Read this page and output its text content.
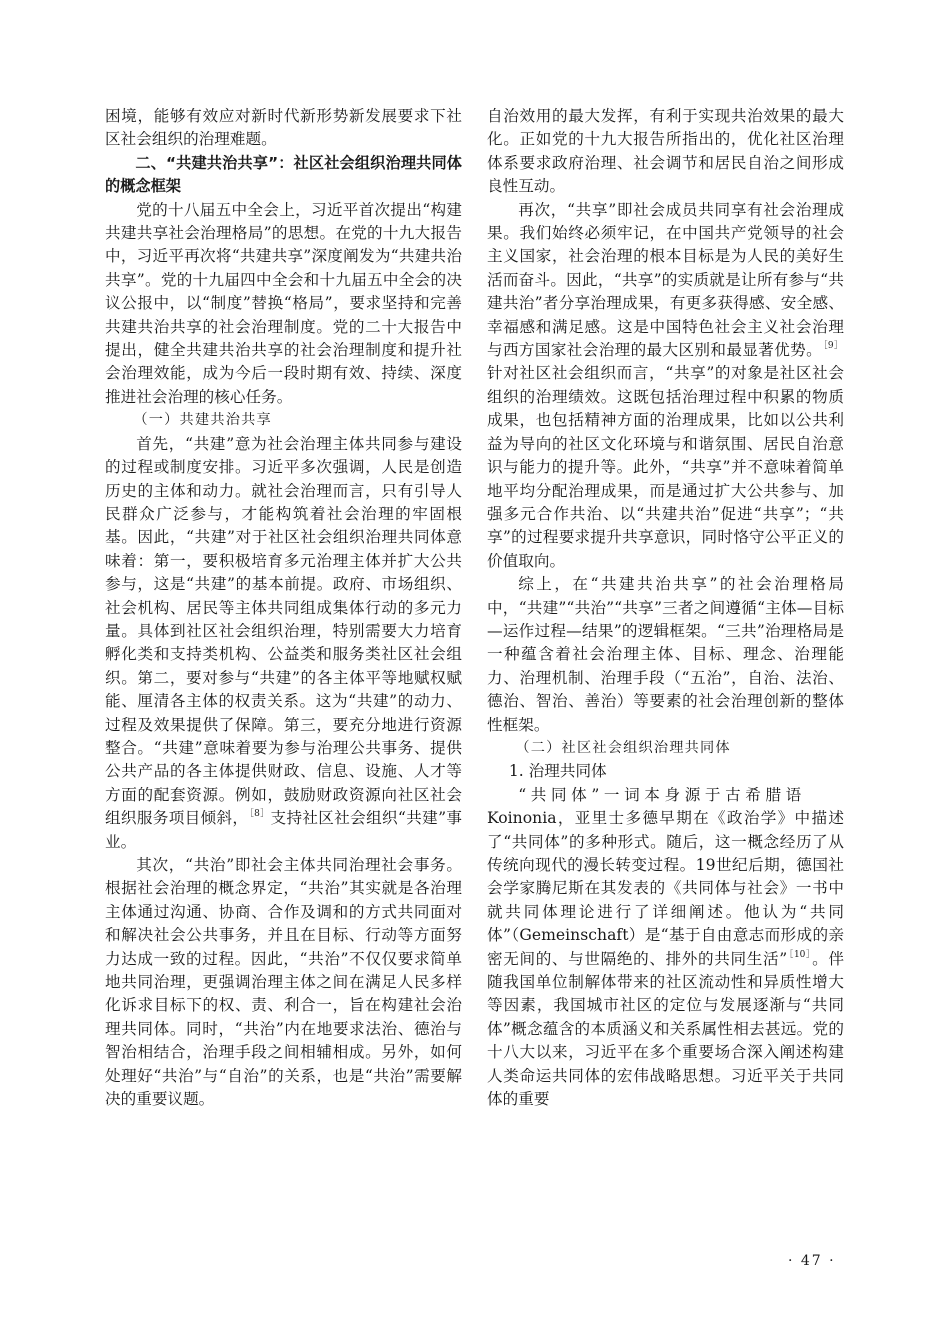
困境，能够有效应对新时代新形势新发展要求下社区社会组织的治理难题。

二、“共建共治共享”：社区社会组织治理共同体的概念框架

党的十八届五中全会上，习近平首次提出“构建共建共享社会治理格局”的思想。在党的十九大报告中，习近平再次将“共建共享”深度阐发为“共建共治共享”。党的十九届四中全会和十九届五中全会的决议公报中，以“制度”替换“格局”，要求坚持和完善共建共治共享的社会治理制度。党的二十大报告中提出，健全共建共治共享的社会治理制度和提升社会治理效能，成为今后一段时期有效、持续、深度推进社会治理的核心任务。

（一）共建共治共享

首先，“共建”意为社会治理主体共同参与建设的过程或制度安排。习近平多次强调，人民是创造历史的主体和动力。就社会治理而言，只有引导人民群众广泛参与，才能构筑着社会治理的牢固根基。因此，“共建”对于社区社会组织治理共同体意味着：第一，要积极培育多元治理主体并扩大公共参与，这是“共建”的基本前提。政府、市场组织、社会机构、居民等主体共同组成集体行动的多元力量。具体到社区社会组织治理，特别需要大力培育孵化类和支持类机构、公益类和服务类社区社会组织。第二，要对参与“共建”的各主体平等地赋权赋能、厘清各主体的权责关系。这为“共建”的动力、过程及效果提供了保障。第三，要充分地进行资源整合。“共建”意味着要为参与治理公共事务、提供公共产品的各主体提供财政、信息、设施、人才等方面的配套资源。例如，鼓励财政资源向社区社会组织服务项目倾斜，$^{[8]}$支持社区社会组织“共建”事业。

其次，“共治”即社会主体共同治理社会事务。根据社会治理的概念界定，“共治”其实就是各治理主体通过沟通、协商、合作及调和的方式共同面对和解决社会公共事务，并且在目标、行动等方面努力达成一致的过程。因此，“共治”不仅仅要求简单地共同治理，更强调治理主体之间在满足人民多样化诉求目标下的权、责、利合一，旨在构建社会治理共同体。同时，“共治”内在地要求法治、德治与智治相结合，治理手段之间相辅相成。另外，如何处理好“共治”与“自治”的关系，也是“共治”需要解决的重要议题。

自治效用的最大发挥，有利于实现共治效果的最大化。正如党的十九大报告所指出的，优化社区治理体系要求政府治理、社会调节和居民自治之间形成良性互动。

再次，“共享”即社会成员共同享有社会治理成果。我们始终必须牢记，在中国共产党领导的社会主义国家，社会治理的根本目标是为人民的美好生活而奋斗。因此，“共享”的实质就是让所有参与“共建共治”者分享治理成果，有更多获得感、安全感、幸福感和满足感。这是中国特色社会主义社会治理与西方国家社会治理的最大区别和最显著优势。$^{[9]}$针对社区社会组织而言，“共享”的对象是社区社会组织的治理绩效。这既包括治理过程中积累的物质成果，也包括精神方面的治理成果，比如以公共利益为导向的社区文化环境与和谐氛围、居民自治意识与能力的提升等。此外，“共享”并不意味着简单地平均分配治理成果，而是通过扩大公共参与、加强多元合作共治、以“共建共治”促进“共享”；“共享”的过程要求提升共享意识，同时恪守公平正义的价值取向。

综上，在“共建共治共享”的社会治理格局中，“共建”“共治”“共享”三者之间遵循“主体—目标—运作过程—结果”的逻辑框架。“三共”治理格局是一种蕴含着社会治理主体、目标、理念、治理能力、治理机制、治理手段（“五治”，自治、法治、德治、智治、善治）等要素的社会治理创新的整体性框架。

（二）社区社会组织治理共同体

1. 治理共同体

“共同体”一词本身源于古希腊语

Koinonia，亚里士多德早期在《政治学》中描述了“共同体”的多种形式。随后，这一概念经历了从传统向现代的漫长转变过程。19世纪后期，德国社会学家腾尼斯在其发表的《共同体与社会》一书中就共同体理论进行了详细阐述。他认为“共同体”（Gemeinschaft）是“基于自由意志而形成的亲密无间的、与世隔绝的、排外的共同生活”$^{[10]}$。伴随我国单位制解体带来的社区流动性和异质性增大等因素，我国城市社区的定位与发展逐渐与“共同体”概念蕴含的本质涵义和关系属性相去甚远。党的十八大以来，习近平在多个重要场合深入阐述构建人类命运共同体的宏伟战略思想。习近平关于共同体的重要

· 47 ·
